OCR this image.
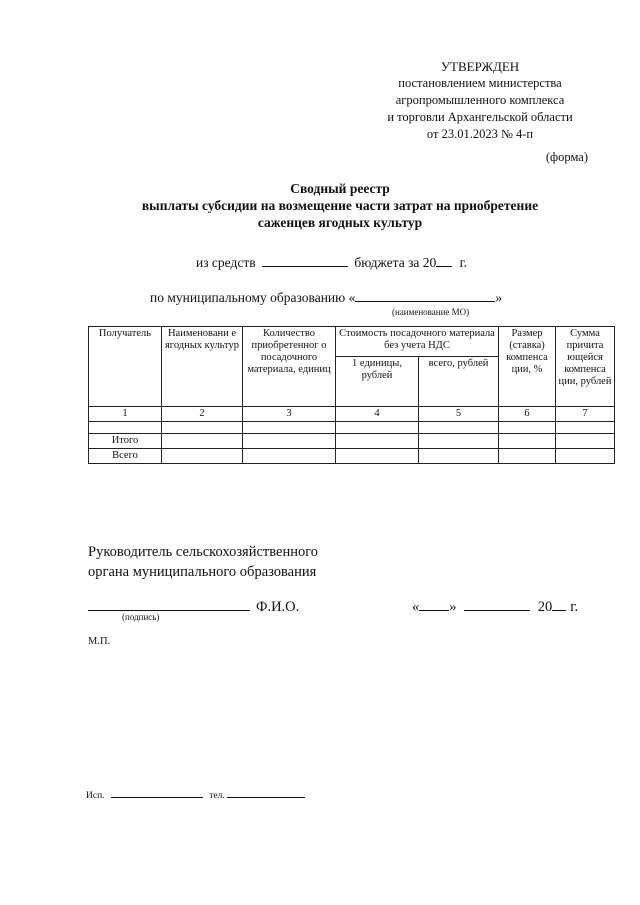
УТВЕРЖДЕН
постановлением министерства
агропромышленного комплекса
и торговли Архангельской области
от 23.01.2023 № 4-п
(форма)
Сводный реестр
выплаты субсидии на возмещение части затрат на приобретение
саженцев ягодных культур
из средств	бюджета за 20 г.
по муниципальному образованию «	»
(наименование МО)
Получатель	Наименовани е ягодных культур	Количество приобретенног о посадочного материала, единиц	Стоимость посадочного материала без учета НДС		Размер (ставка) компенса ции, %	Сумма причита ющейся компенса ции, рублей
			1 единицы, рублей	всего, рублей		
1	2	3	4	5	6	7

Итого						
Всего						
Руководитель сельскохозяйственного
органа муниципального образования
Ф.И.О.
(подпись)
« »	20 г.
М.П.
Исп.	тел.
